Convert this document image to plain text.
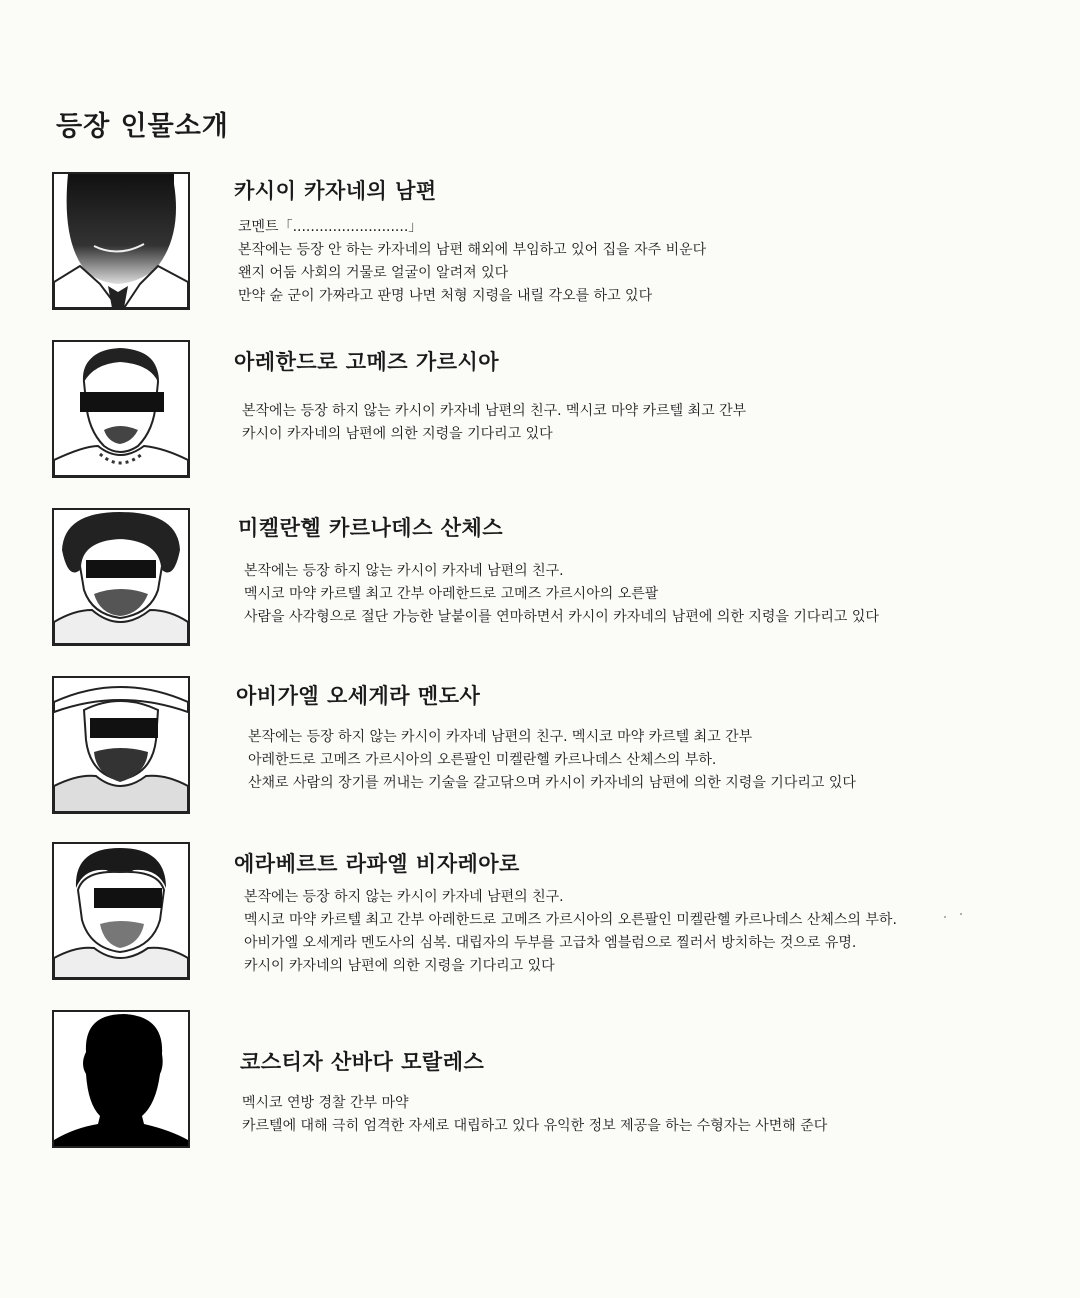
등장 인물소개
카시이 카자네의 남편
코멘트「..........................」
본작에는 등장 안 하는 카자네의 남편 해외에 부임하고 있어 집을 자주 비운다
왠지 어둠 사회의 거물로 얼굴이 알려져 있다
만약 슌 군이 가짜라고 판명 나면 처형 지령을 내릴 각오를 하고 있다
아레한드로 고메즈 가르시아
본작에는 등장 하지 않는 카시이 카자네 남편의 친구. 멕시코 마약 카르텔 최고 간부
카시이 카자네의 남편에 의한 지령을 기다리고 있다
미켈란헬 카르나데스 산체스
본작에는 등장 하지 않는 카시이 카자네 남편의 친구.
멕시코 마약 카르텔 최고 간부 아레한드로 고메즈 가르시아의 오른팔
사람을 사각형으로 절단 가능한 날붙이를 연마하면서 카시이 카자네의 남편에 의한 지령을 기다리고 있다
아비가엘 오세게라 멘도사
본작에는 등장 하지 않는 카시이 카자네 남편의 친구. 멕시코 마약 카르텔 최고 간부
아레한드로 고메즈 가르시아의 오른팔인 미켈란헬 카르나데스 산체스의 부하.
산채로 사람의 장기를 꺼내는 기술을 갈고닦으며 카시이 카자네의 남편에 의한 지령을 기다리고 있다
에라베르트 라파엘 비자레아로
본작에는 등장 하지 않는 카시이 카자네 남편의 친구.
멕시코 마약 카르텔 최고 간부 아레한드로 고메즈 가르시아의 오른팔인 미켈란헬 카르나데스 산체스의 부하.
아비가엘 오세게라 멘도사의 심복. 대립자의 두부를 고급차 엠블럼으로 찔러서 방치하는 것으로 유명.
카시이 카자네의 남편에 의한 지령을 기다리고 있다
코스티자 산바다 모랄레스
멕시코 연방 경찰 간부 마약
카르텔에 대해 극히 엄격한 자세로 대립하고 있다 유익한 정보 제공을 하는 수형자는 사면해 준다
